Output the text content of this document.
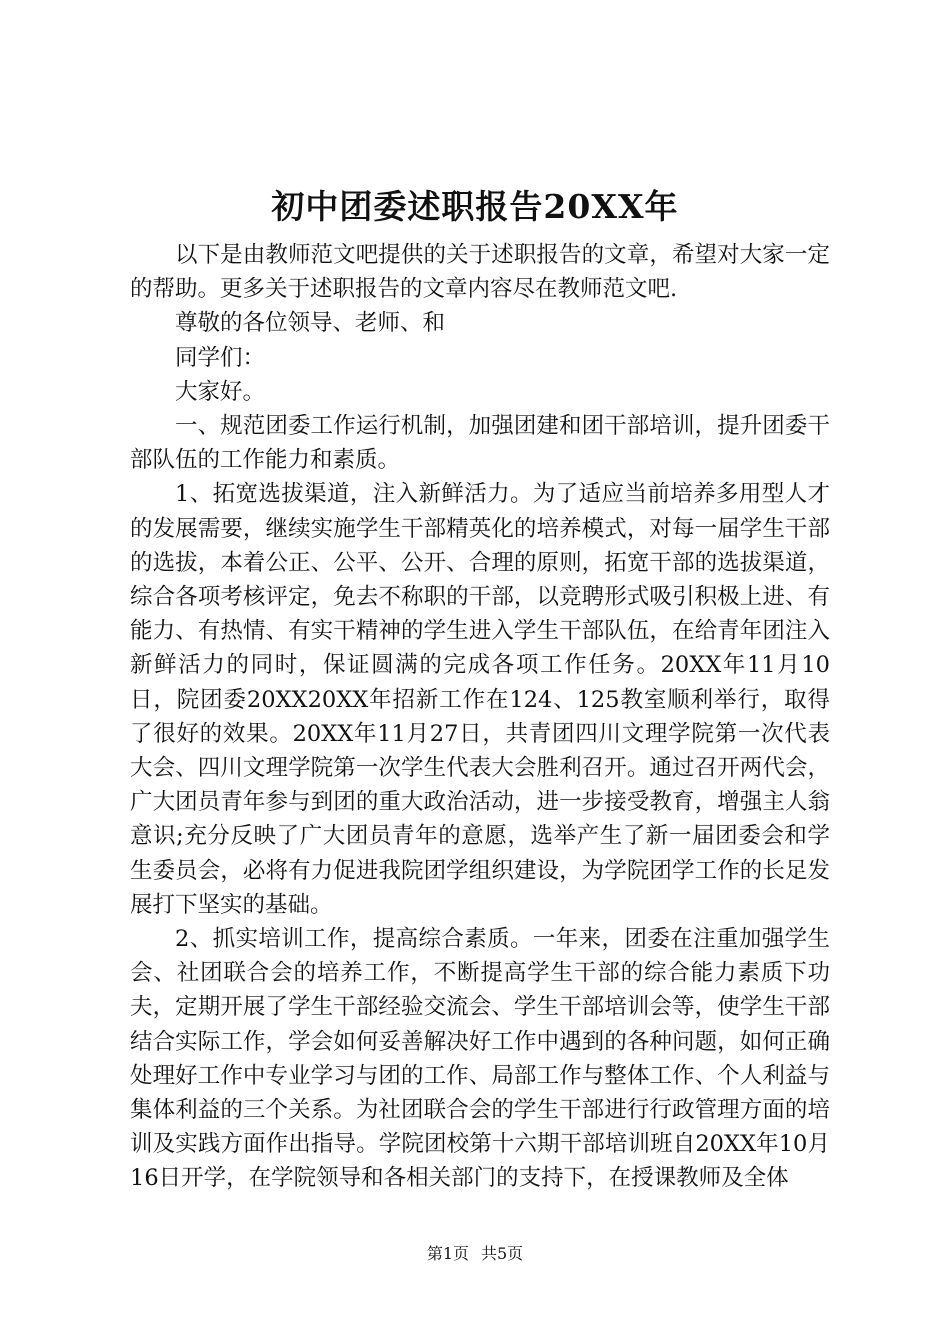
初中团委述职报告20XX年

以下是由教师范文吧提供的关于述职报告的文章，希望对大家一定的帮助。更多关于述职报告的文章内容尽在教师范文吧.

尊敬的各位领导、老师、和

同学们：

大家好。

一、规范团委工作运行机制，加强团建和团干部培训，提升团委干部队伍的工作能力和素质。

1、拓宽选拔渠道，注入新鲜活力。为了适应当前培养多用型人才的发展需要，继续实施学生干部精英化的培养模式，对每一届学生干部的选拔，本着公正、公平、公开、合理的原则，拓宽干部的选拔渠道，综合各项考核评定，免去不称职的干部，以竞聘形式吸引积极上进、有能力、有热情、有实干精神的学生进入学生干部队伍，在给青年团注入新鲜活力的同时，保证圆满的完成各项工作任务。20XX年11月10日，院团委20XX20XX年招新工作在124、125教室顺利举行，取得了很好的效果。20XX年11月27日，共青团四川文理学院第一次代表大会、四川文理学院第一次学生代表大会胜利召开。通过召开两代会，广大团员青年参与到团的重大政治活动，进一步接受教育，增强主人翁意识;充分反映了广大团员青年的意愿，选举产生了新一届团委会和学生委员会，必将有力促进我院团学组织建设，为学院团学工作的长足发展打下坚实的基础。

2、抓实培训工作，提高综合素质。一年来，团委在注重加强学生会、社团联合会的培养工作，不断提高学生干部的综合能力素质下功夫，定期开展了学生干部经验交流会、学生干部培训会等，使学生干部结合实际工作，学会如何妥善解决好工作中遇到的各种问题，如何正确处理好工作中专业学习与团的工作、局部工作与整体工作、个人利益与集体利益的三个关系。为社团联合会的学生干部进行行政管理方面的培训及实践方面作出指导。学院团校第十六期干部培训班自20XX年10月16日开学，在学院领导和各相关部门的支持下，在授课教师及全体

第1页 共5页
